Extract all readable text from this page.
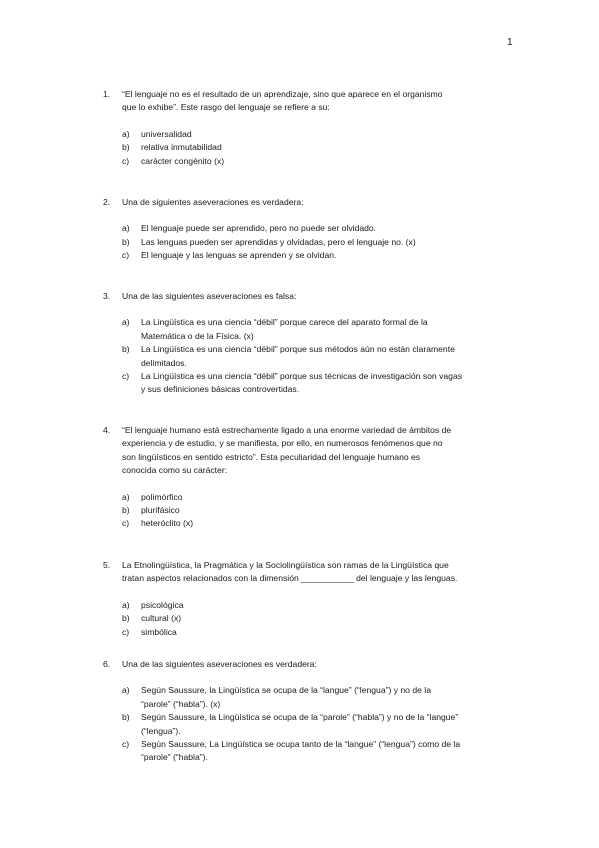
1
1.	“El lenguaje no es el resultado de un aprendizaje, sino que aparece en el organismo
que lo exhibe”. Este rasgo del lenguaje se refiere a su:
a)	universalidad
b)	relativa inmutabilidad
c)	carácter congénito (x)
2.	Una de siguientes aseveraciones es verdadera:
a)	El lenguaje puede ser aprendido, pero no puede ser olvidado.
b)	Las lenguas pueden ser aprendidas y olvidadas, pero el lenguaje no. (x)
c)	El lenguaje y las lenguas se aprenden y se olvidan.
3.	Una de las siguientes aseveraciones es falsa:
a)	La Lingüística es una ciencia “débil” porque carece del aparato formal de la
Matemática o de la Física. (x)
b)	La Lingüística es una ciencia “débil” porque sus métodos aún no están claramente
delimitados.
c)	La Lingüística es una ciencia “débil” porque sus técnicas de investigación son vagas
y sus definiciones básicas controvertidas.
4.	“El lenguaje humano está estrechamente ligado a una enorme variedad de ámbitos de
experiencia y de estudio, y se manifiesta, por ello, en numerosos fenómenos que no
son lingüísticos en sentido estricto”. Esta peculiaridad del lenguaje humano es
conocida como su carácter:
a)	polimórfico
b)	plurifásico
c)	heteróclito (x)
5.	La Etnolingüística, la Pragmática y la Sociolingüística son ramas de la Lingüística que
tratan aspectos relacionados con la dimensión ___________ del lenguaje y las lenguas.
a)	psicológica
b)	cultural (x)
c)	simbólica
6.	Una de las siguientes aseveraciones es verdadera:
a)	Según Saussure, la Lingüística se ocupa de la “langue” (“lengua”) y no de la
“parole” (“habla”). (x)
b)	Según Saussure, la Lingüística se ocupa de la “parole” (“habla”) y no de la “langue”
(“lengua”).
c)	Según Saussure, La Lingüística se ocupa tanto de la “langue” (“lengua”) como de la
“parole” (“habla”).
